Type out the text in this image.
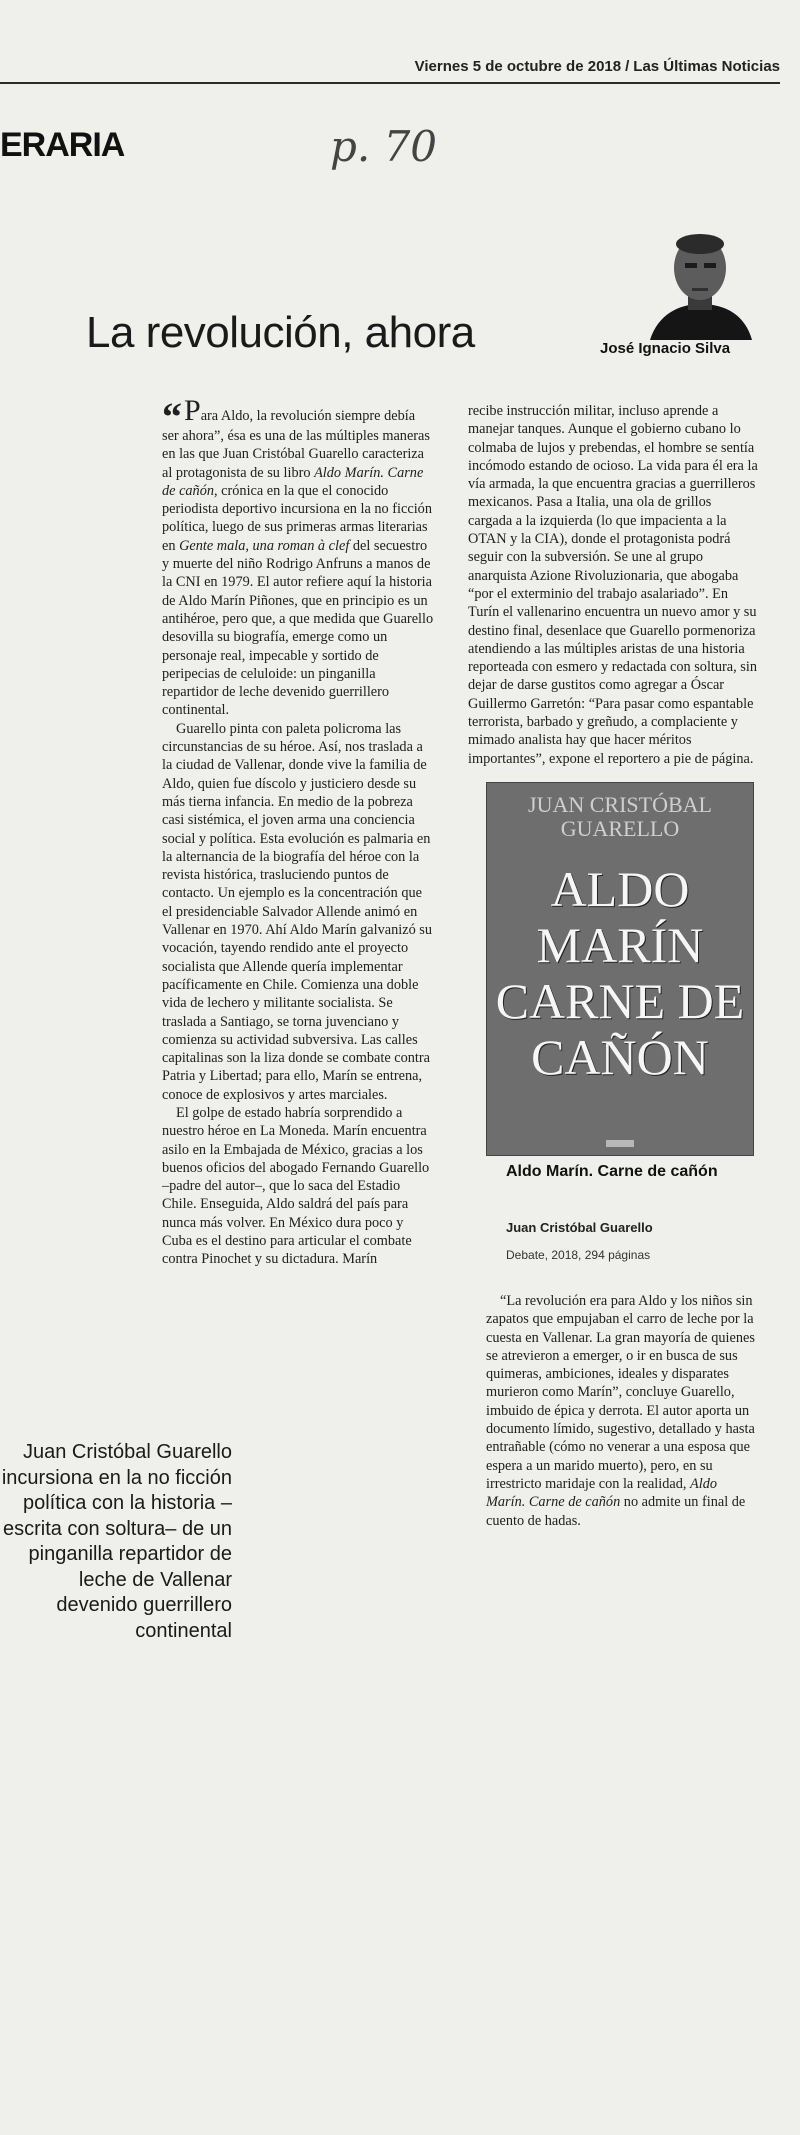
Viernes 5 de octubre de 2018 / Las Últimas Noticias
ERARIA	p. 70
La revolución, ahora	José Ignacio Silva

“Para Aldo, la revolución siempre debía ser ahora”, ésa es una de las múltiples maneras en las que Juan Cristóbal Guarello caracteriza al protagonista de su libro Aldo Marín. Carne de cañón, crónica en la que el conocido periodista deportivo incursiona en la no ficción política, luego de sus primeras armas literarias en Gente mala, una roman à clef del secuestro y muerte del niño Rodrigo Anfruns a manos de la CNI en 1979. El autor refiere aquí la historia de Aldo Marín Piñones, que en principio es un antihéroe, pero que, a que medida que Guarello desovilla su biografía, emerge como un personaje real, impecable y sortido de peripecias de celuloide: un pinganilla repartidor de leche devenido guerrillero continental.

Guarello pinta con paleta policroma las circunstancias de su héroe. Así, nos traslada a la ciudad de Vallenar, donde vive la familia de Aldo, quien fue díscolo y justiciero desde su más tierna infancia. En medio de la pobreza casi sistémica, el joven arma una conciencia social y política. Esta evolución es palmaria en la alternancia de la biografía del héroe con la revista histórica, trasluciendo puntos de contacto. Un ejemplo es la concentración que el presidenciable Salvador Allende animó en Vallenar en 1970. Ahí Aldo Marín galvanizó su vocación, tayendo rendido ante el proyecto socialista que Allende quería implementar pacíficamente en Chile. Comienza una doble vida de lechero y militante socialista. Se traslada a Santiago, se torna juvenciano y comienza su actividad subversiva. Las calles capitalinas son la liza donde se combate contra Patria y Libertad; para ello, Marín se entrena, conoce de explosivos y artes marciales.

El golpe de estado habría sorprendido a nuestro héroe en La Moneda. Marín encuentra asilo en la Embajada de México, gracias a los buenos oficios del abogado Fernando Guarello –padre del autor–, que lo saca del Estadio Chile. Enseguida, Aldo saldrá del país para nunca más volver. En México dura poco y Cuba es el destino para articular el combate contra Pinochet y su dictadura. Marín

Juan Cristóbal Guarello incursiona en la no ficción política con la historia –escrita con soltura– de un pinganilla repartidor de leche de Vallenar devenido guerrillero continental

recibe instrucción militar, incluso aprende a manejar tanques. Aunque el gobierno cubano lo colmaba de lujos y prebendas, el hombre se sentía incómodo estando de ocioso. La vida para él era la vía armada, la que encuentra gracias a guerrilleros mexicanos. Pasa a Italia, una ola de grillos cargada a la izquierda (lo que impacienta a la OTAN y la CIA), donde el protagonista podrá seguir con la subversión. Se une al grupo anarquista Azione Rivoluzionaria, que abogaba “por el exterminio del trabajo asalariado”. En Turín el vallenarino encuentra un nuevo amor y su destino final, desenlace que Guarello pormenoriza atendiendo a las múltiples aristas de una historia reporteada con esmero y redactada con soltura, sin dejar de darse gustitos como agregar a Óscar Guillermo Garretón: “Para pasar como espantable terrorista, barbado y greñudo, a complaciente y mimado analista hay que hacer méritos importantes”, expone el reportero a pie de página.

JUAN CRISTÓBAL GUARELLO
ALDO MARÍN CARNE DE CAÑÓN
Aldo Marín. Carne de cañón
Juan Cristóbal Guarello
Debate, 2018, 294 páginas

“La revolución era para Aldo y los niños sin zapatos que empujaban el carro de leche por la cuesta en Vallenar. La gran mayoría de quienes se atrevieron a emerger, o ir en busca de sus quimeras, ambiciones, ideales y disparates murieron como Marín”, concluye Guarello, imbuido de épica y derrota. El autor aporta un documento límido, sugestivo, detallado y hasta entrañable (cómo no venerar a una esposa que espera a un marido muerto), pero, en su irrestricto maridaje con la realidad, Aldo Marín. Carne de cañón no admite un final de cuento de hadas.
